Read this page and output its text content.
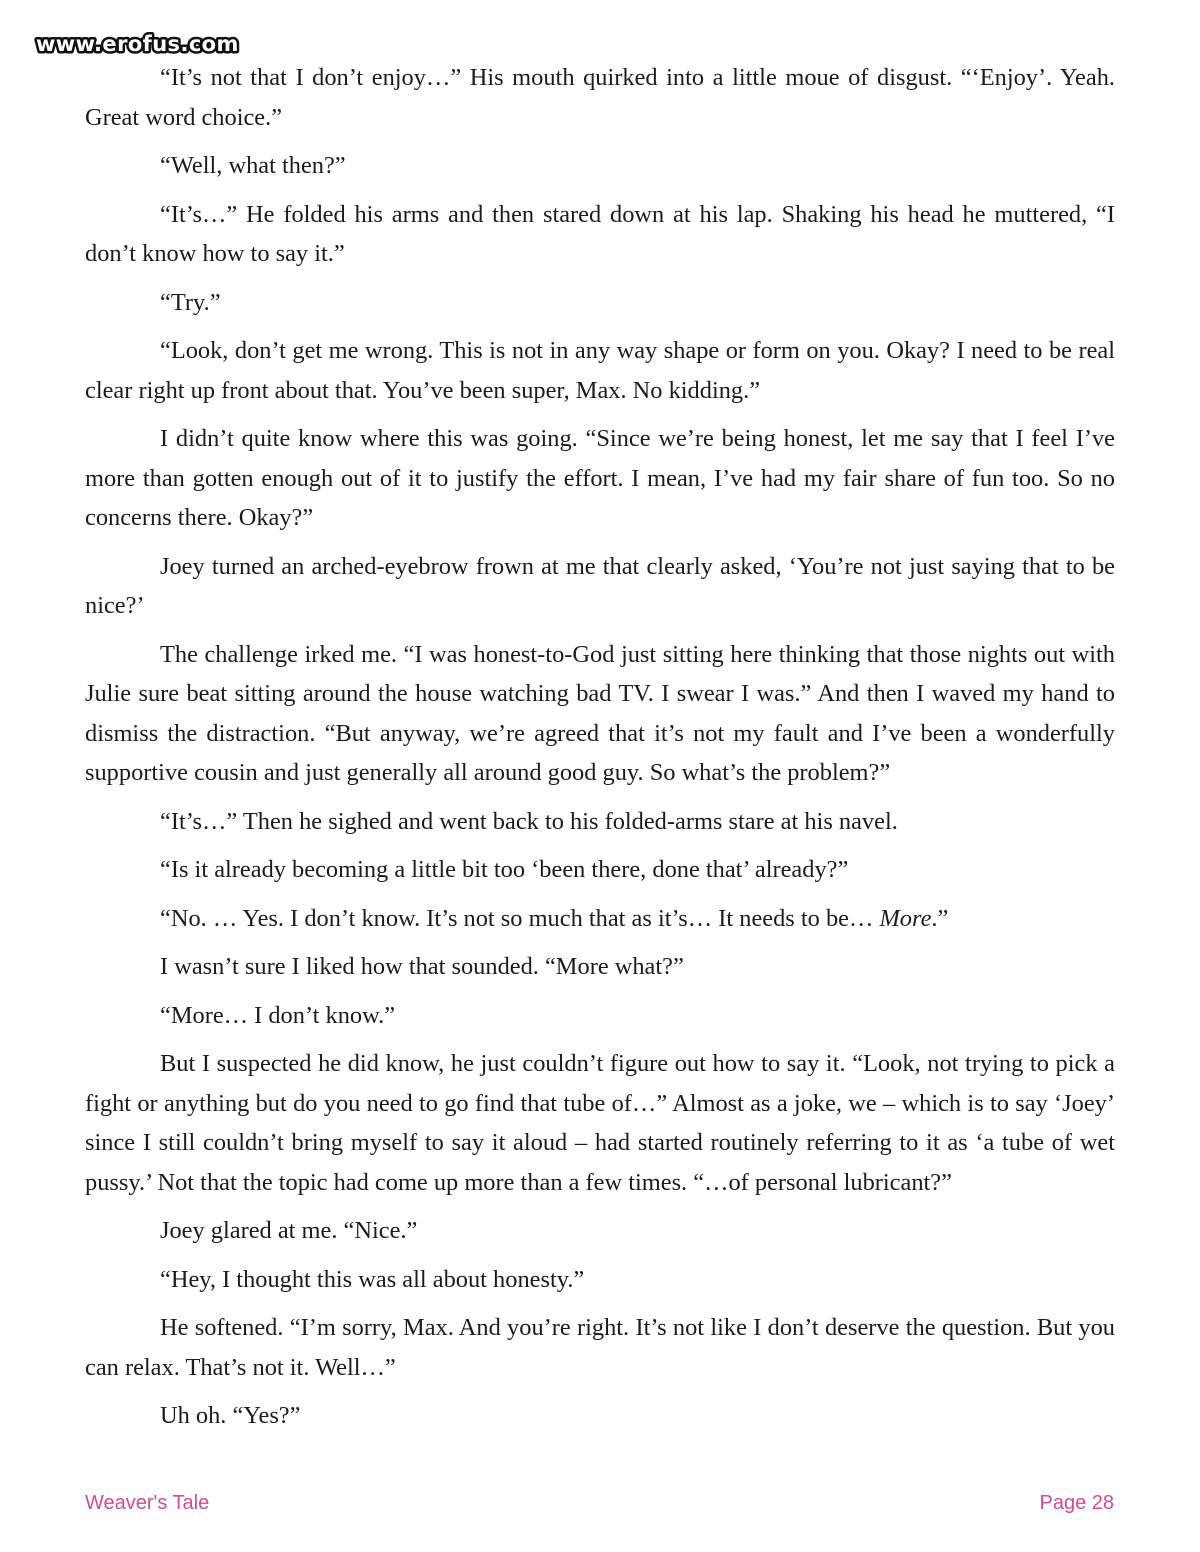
www.erofus.com

“It’s not that I don’t enjoy…” His mouth quirked into a little moue of disgust. “‘Enjoy’. Yeah. Great word choice.”

“Well, what then?”

“It’s…” He folded his arms and then stared down at his lap. Shaking his head he muttered, “I don’t know how to say it.”

“Try.”

“Look, don’t get me wrong. This is not in any way shape or form on you. Okay? I need to be real clear right up front about that. You’ve been super, Max. No kidding.”

I didn’t quite know where this was going. “Since we’re being honest, let me say that I feel I’ve more than gotten enough out of it to justify the effort. I mean, I’ve had my fair share of fun too. So no concerns there. Okay?”

Joey turned an arched-eyebrow frown at me that clearly asked, ‘You’re not just saying that to be nice?’

The challenge irked me. “I was honest-to-God just sitting here thinking that those nights out with Julie sure beat sitting around the house watching bad TV. I swear I was.” And then I waved my hand to dismiss the distraction. “But anyway, we’re agreed that it’s not my fault and I’ve been a wonderfully supportive cousin and just generally all around good guy. So what’s the problem?”

“It’s…” Then he sighed and went back to his folded-arms stare at his navel.

“Is it already becoming a little bit too ‘been there, done that’ already?”

“No. … Yes. I don’t know. It’s not so much that as it’s… It needs to be… More.”

I wasn’t sure I liked how that sounded. “More what?”

“More… I don’t know.”

But I suspected he did know, he just couldn’t figure out how to say it. “Look, not trying to pick a fight or anything but do you need to go find that tube of…” Almost as a joke, we – which is to say ‘Joey’ since I still couldn’t bring myself to say it aloud – had started routinely referring to it as ‘a tube of wet pussy.’ Not that the topic had come up more than a few times. “…of personal lubricant?”

Joey glared at me. “Nice.”

“Hey, I thought this was all about honesty.”

He softened. “I’m sorry, Max. And you’re right. It’s not like I don’t deserve the question. But you can relax. That’s not it. Well…”

Uh oh. “Yes?”

Weaver's Tale	Page 28
